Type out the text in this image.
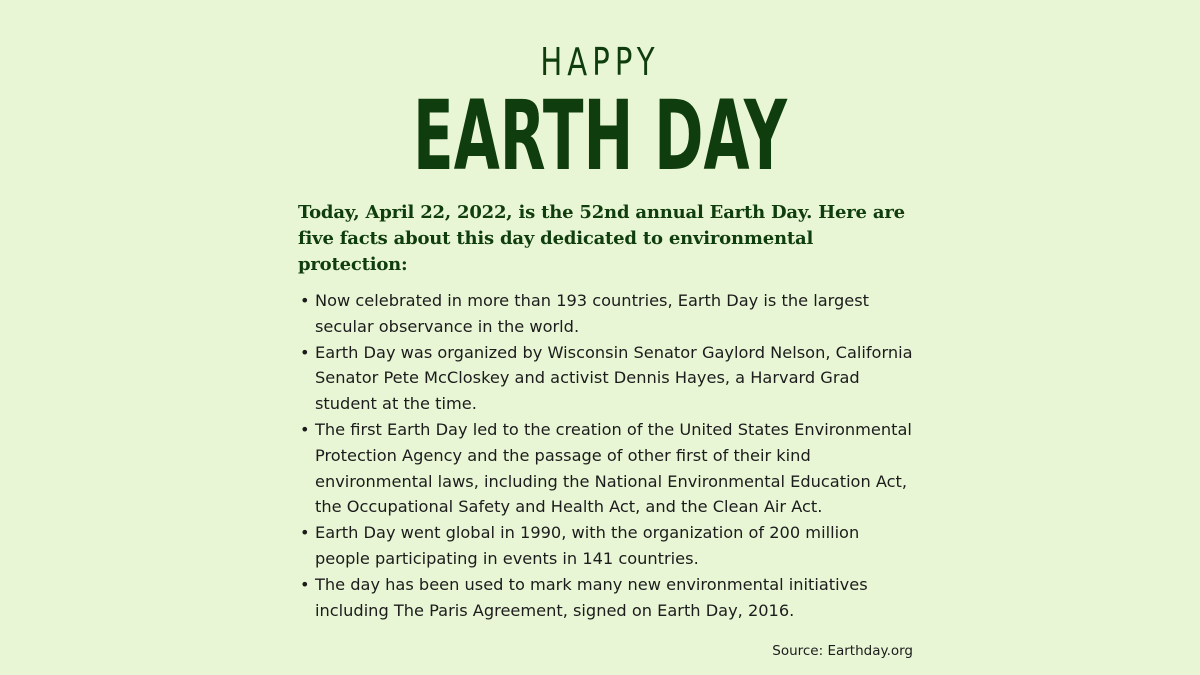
HAPPY
EARTH DAY

Today, April 22, 2022, is the 52nd annual Earth Day. Here are five facts about this day dedicated to environmental protection:

• Now celebrated in more than 193 countries, Earth Day is the largest secular observance in the world.
• Earth Day was organized by Wisconsin Senator Gaylord Nelson, California Senator Pete McCloskey and activist Dennis Hayes, a Harvard Grad student at the time.
• The first Earth Day led to the creation of the United States Environmental Protection Agency and the passage of other first of their kind environmental laws, including the National Environmental Education Act, the Occupational Safety and Health Act, and the Clean Air Act.
• Earth Day went global in 1990, with the organization of 200 million people participating in events in 141 countries.
• The day has been used to mark many new environmental initiatives including The Paris Agreement, signed on Earth Day, 2016.
Source: Earthday.org
